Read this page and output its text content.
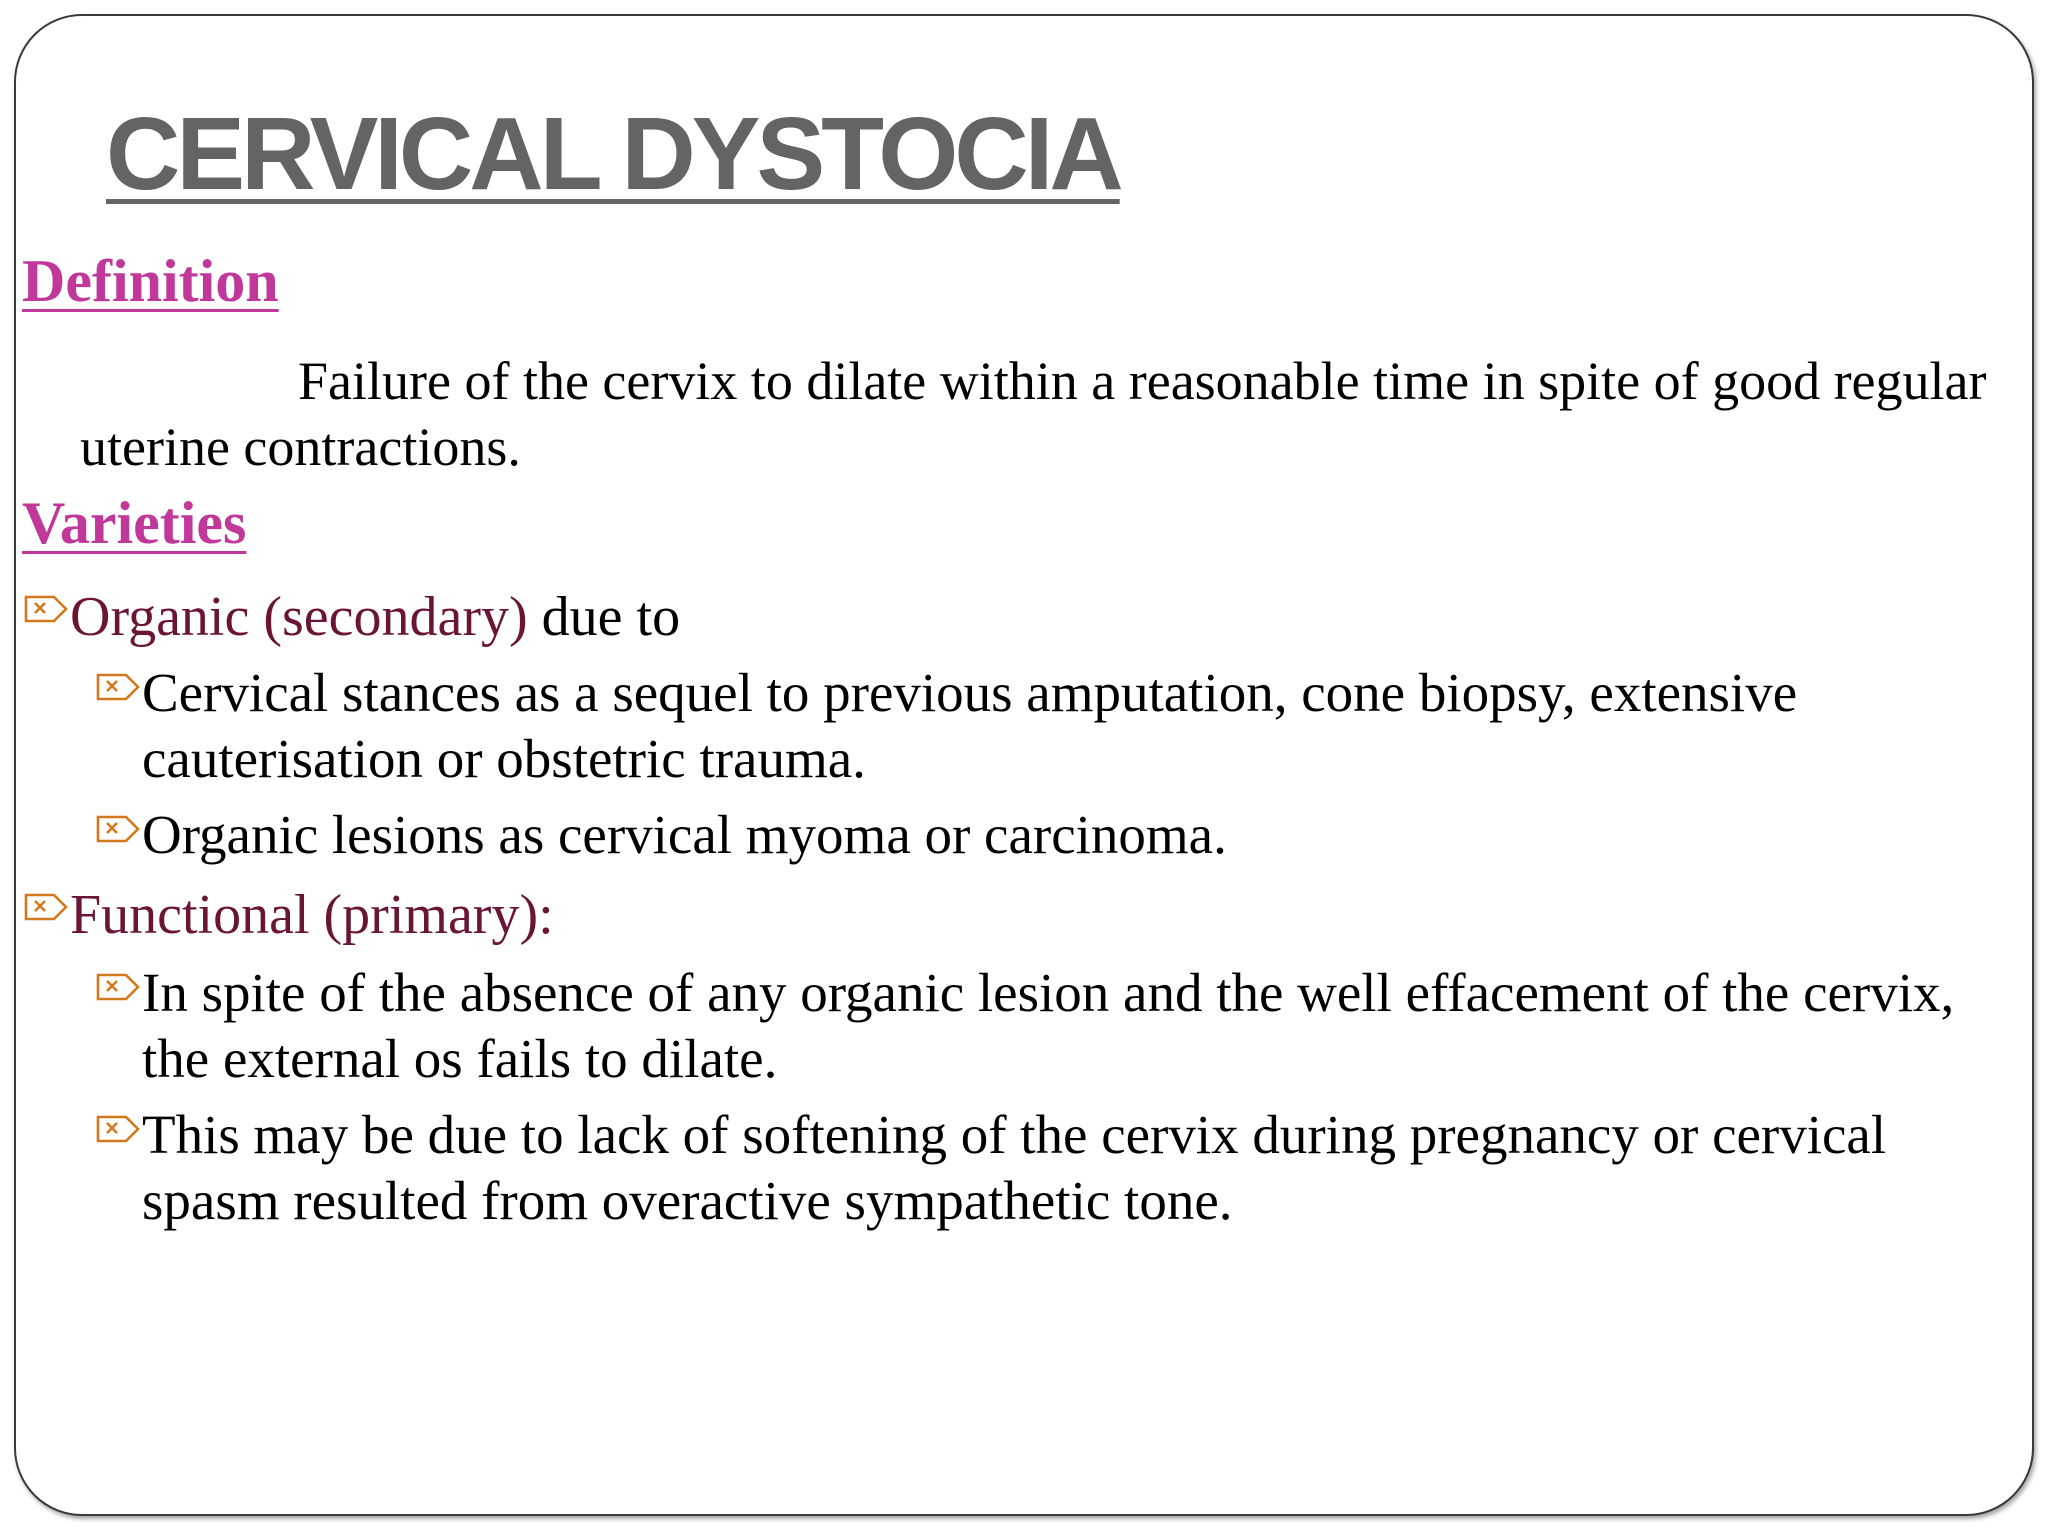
CERVICAL DYSTOCIA
Definition

Failure of the cervix to dilate within a reasonable time in spite of good regular uterine contractions.

Varieties

Organic (secondary) due to

Cervical stances as a sequel to previous amputation, cone biopsy, extensive cauterisation or obstetric trauma.

Organic lesions as cervical myoma or carcinoma.

Functional (primary):

In spite of the absence of any organic lesion and the well effacement of the cervix, the external os fails to dilate.

This may be due to lack of softening of the cervix during pregnancy or cervical spasm resulted from overactive sympathetic tone.
